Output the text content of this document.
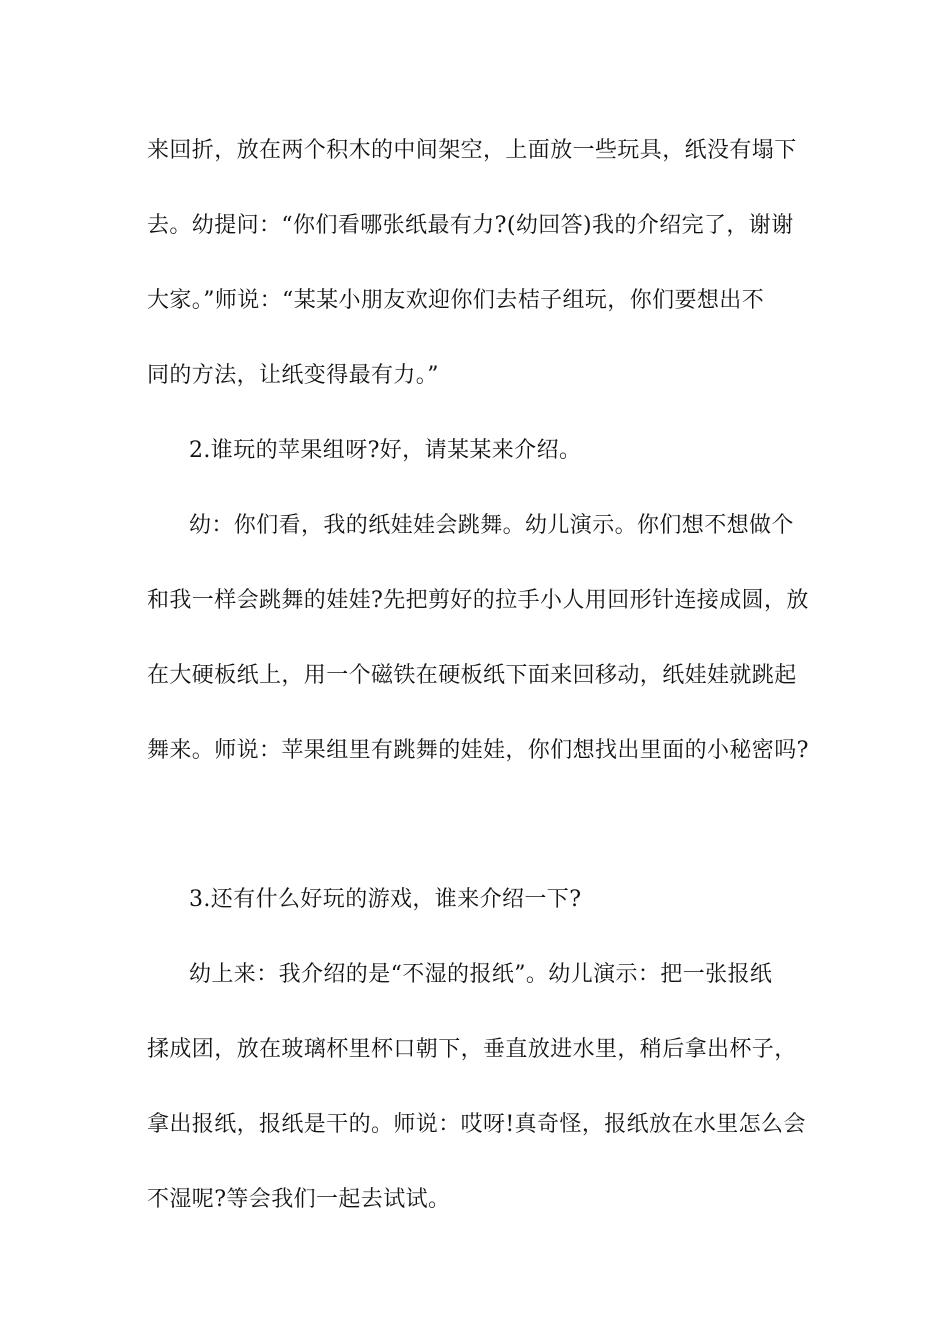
来回折，放在两个积木的中间架空，上面放一些玩具，纸没有塌下
去。幼提问：“你们看哪张纸最有力?(幼回答)我的介绍完了，谢谢
大家。”师说：“某某小朋友欢迎你们去桔子组玩，你们要想出不
同的方法，让纸变得最有力。”
2.谁玩的苹果组呀?好，请某某来介绍。
幼：你们看，我的纸娃娃会跳舞。幼儿演示。你们想不想做个
和我一样会跳舞的娃娃?先把剪好的拉手小人用回形针连接成圆，放
在大硬板纸上，用一个磁铁在硬板纸下面来回移动，纸娃娃就跳起
舞来。师说：苹果组里有跳舞的娃娃，你们想找出里面的小秘密吗?
3.还有什么好玩的游戏，谁来介绍一下?
幼上来：我介绍的是“不湿的报纸”。幼儿演示：把一张报纸
揉成团，放在玻璃杯里杯口朝下，垂直放进水里，稍后拿出杯子，
拿出报纸，报纸是干的。师说：哎呀!真奇怪，报纸放在水里怎么会
不湿呢?等会我们一起去试试。
